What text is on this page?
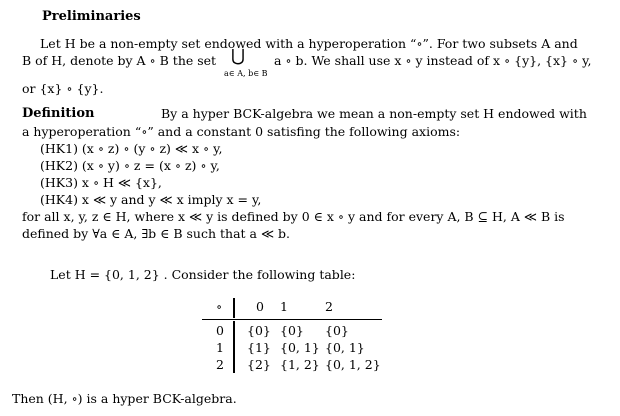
Preliminaries
Let H be a non-empty set endowed with a hyperoperation “∘”. For two subsets A and
B of H, denote by A ∘ B the set ⋃
a∈ A, b∈ B
a ∘ b. We shall use x ∘ y instead of x ∘ {y}, {x} ∘ y,
or {x} ∘ {y}.
Definition	By a hyper BCK-algebra we mean a non-empty set H endowed with
a hyperoperation “∘” and a constant 0 satisfing the following axioms:
(HK1) (x ∘ z) ∘ (y ∘ z) ≪ x ∘ y,
(HK2) (x ∘ y) ∘ z = (x ∘ z) ∘ y,
(HK3) x ∘ H ≪ {x},
(HK4) x ≪ y and y ≪ x imply x = y,
for all x, y, z ∈ H, where x ≪ y is defined by 0 ∈ x ∘ y and for every A, B ⊆ H, A ≪ B is
defined by ∀a ∈ A, ∃b ∈ B such that a ≪ b.
Let H = {0, 1, 2} . Consider the following table:
∘	0 1	2
0 {0} {0} {0}
1 {1} {0, 1} {0, 1}
2 {2} {1, 2} {0, 1, 2}
Then (H, ∘) is a hyper BCK-algebra.
